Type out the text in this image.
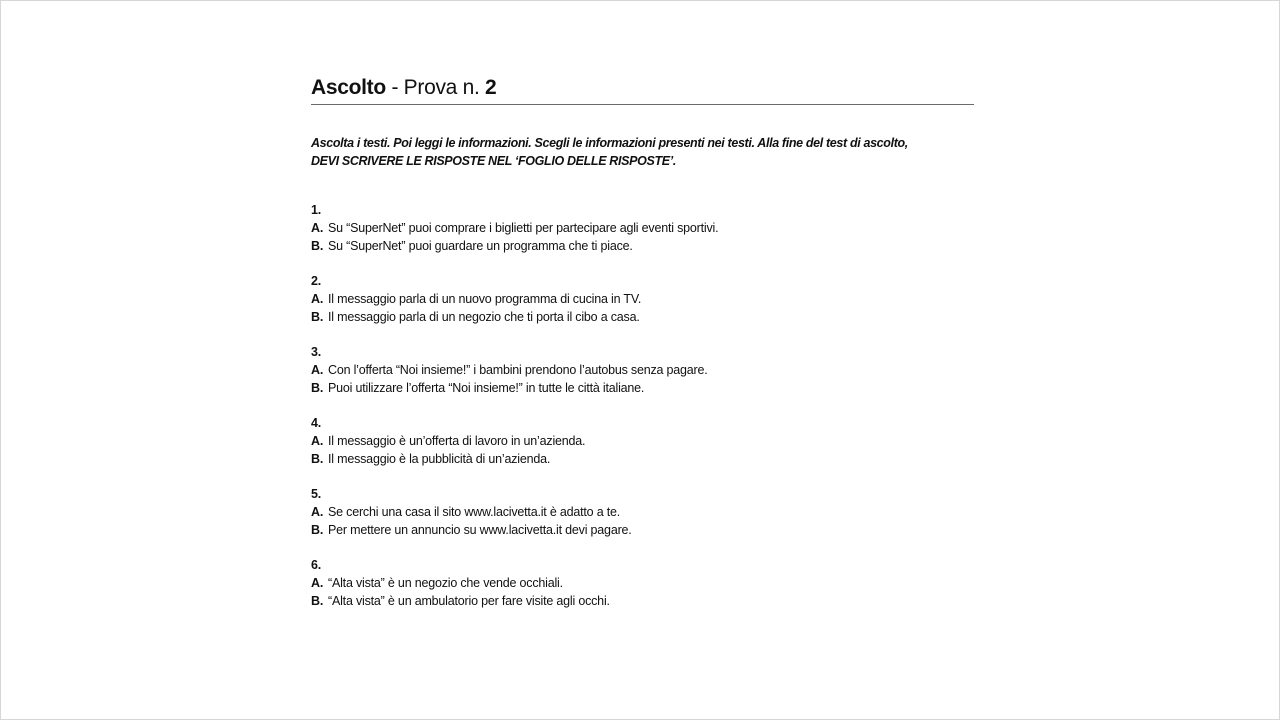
Ascolto - Prova n. 2
Ascolta i testi. Poi leggi le informazioni. Scegli le informazioni presenti nei testi. Alla fine del test di ascolto,
DEVI SCRIVERE LE RISPOSTE NEL ‘FOGLIO DELLE RISPOSTE’.
1.
A. Su “SuperNet” puoi comprare i biglietti per partecipare agli eventi sportivi.
B. Su “SuperNet” puoi guardare un programma che ti piace.
2.
A. Il messaggio parla di un nuovo programma di cucina in TV.
B. Il messaggio parla di un negozio che ti porta il cibo a casa.
3.
A. Con l’offerta “Noi insieme!” i bambini prendono l’autobus senza pagare.
B. Puoi utilizzare l’offerta “Noi insieme!” in tutte le città italiane.
4.
A. Il messaggio è un’offerta di lavoro in un’azienda.
B. Il messaggio è la pubblicità di un’azienda.
5.
A. Se cerchi una casa il sito www.lacivetta.it è adatto a te.
B. Per mettere un annuncio su www.lacivetta.it devi pagare.
6.
A. “Alta vista” è un negozio che vende occhiali.
B. “Alta vista” è un ambulatorio per fare visite agli occhi.
